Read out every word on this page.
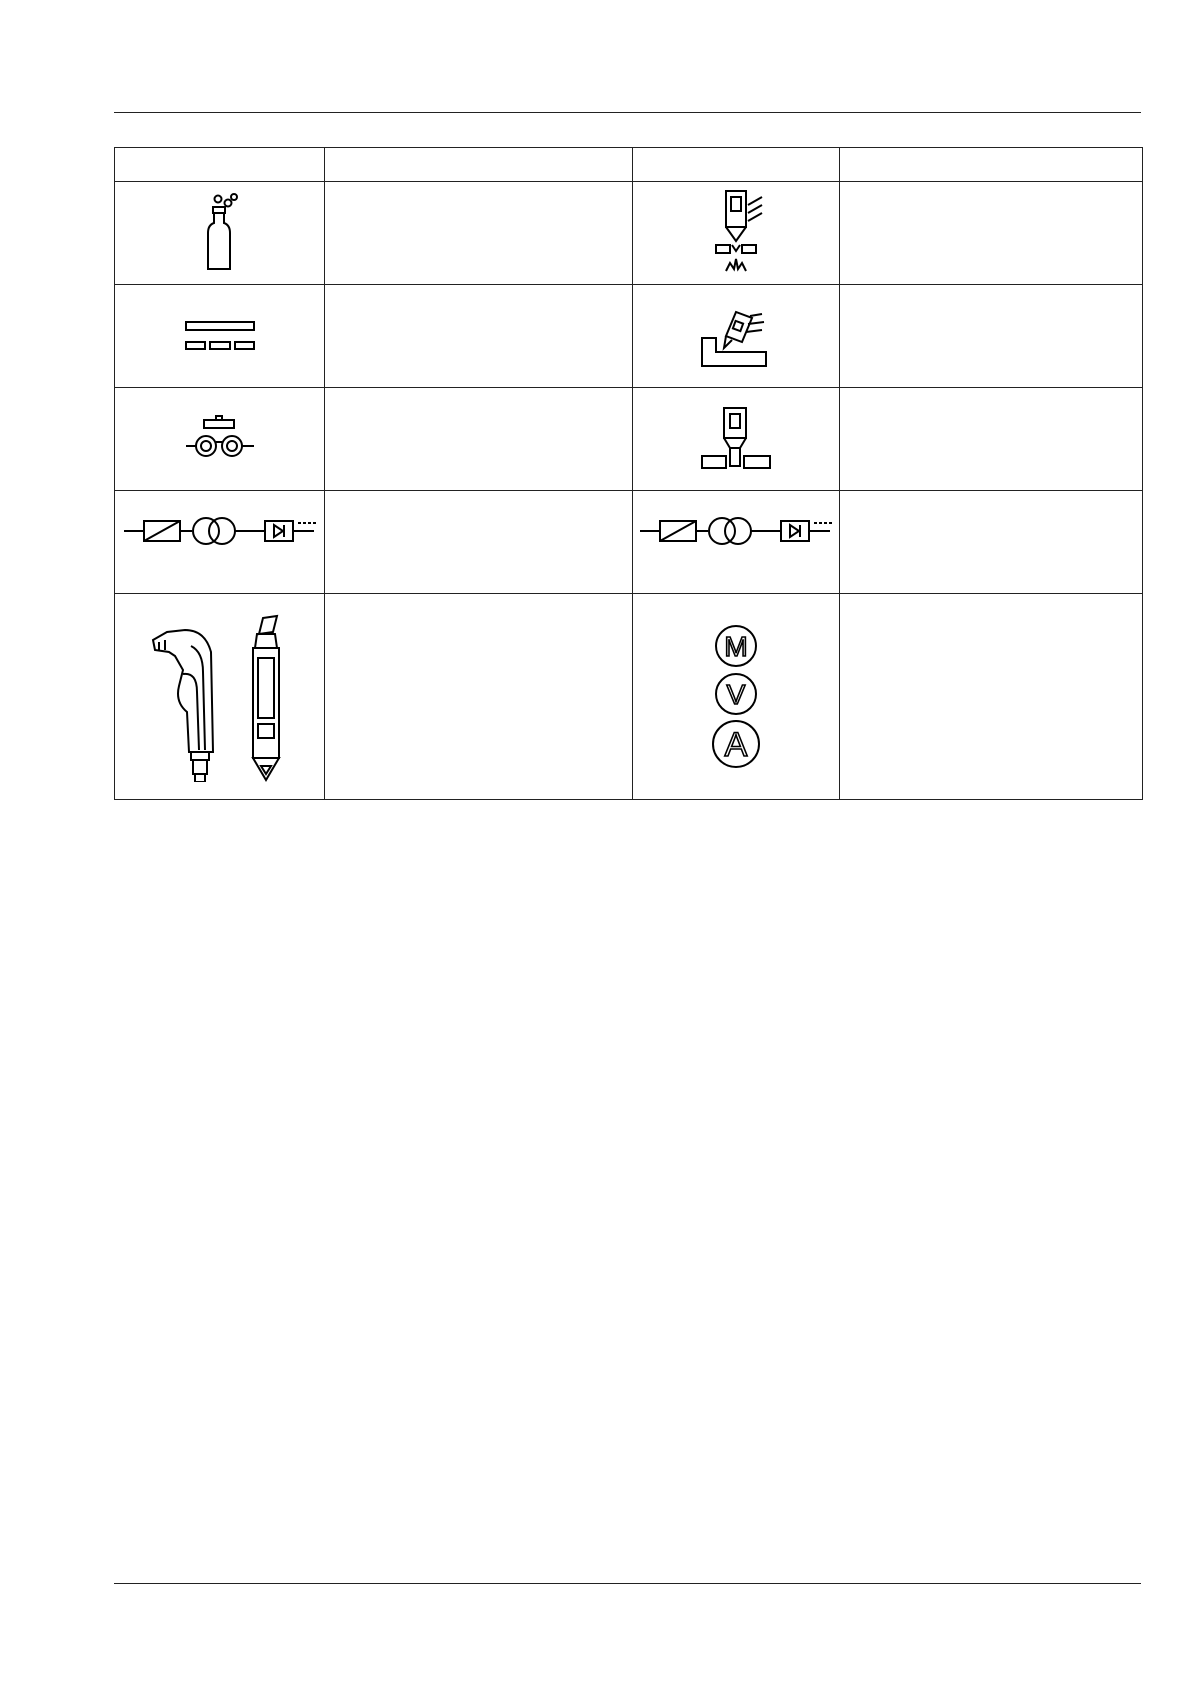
M
V
A	
